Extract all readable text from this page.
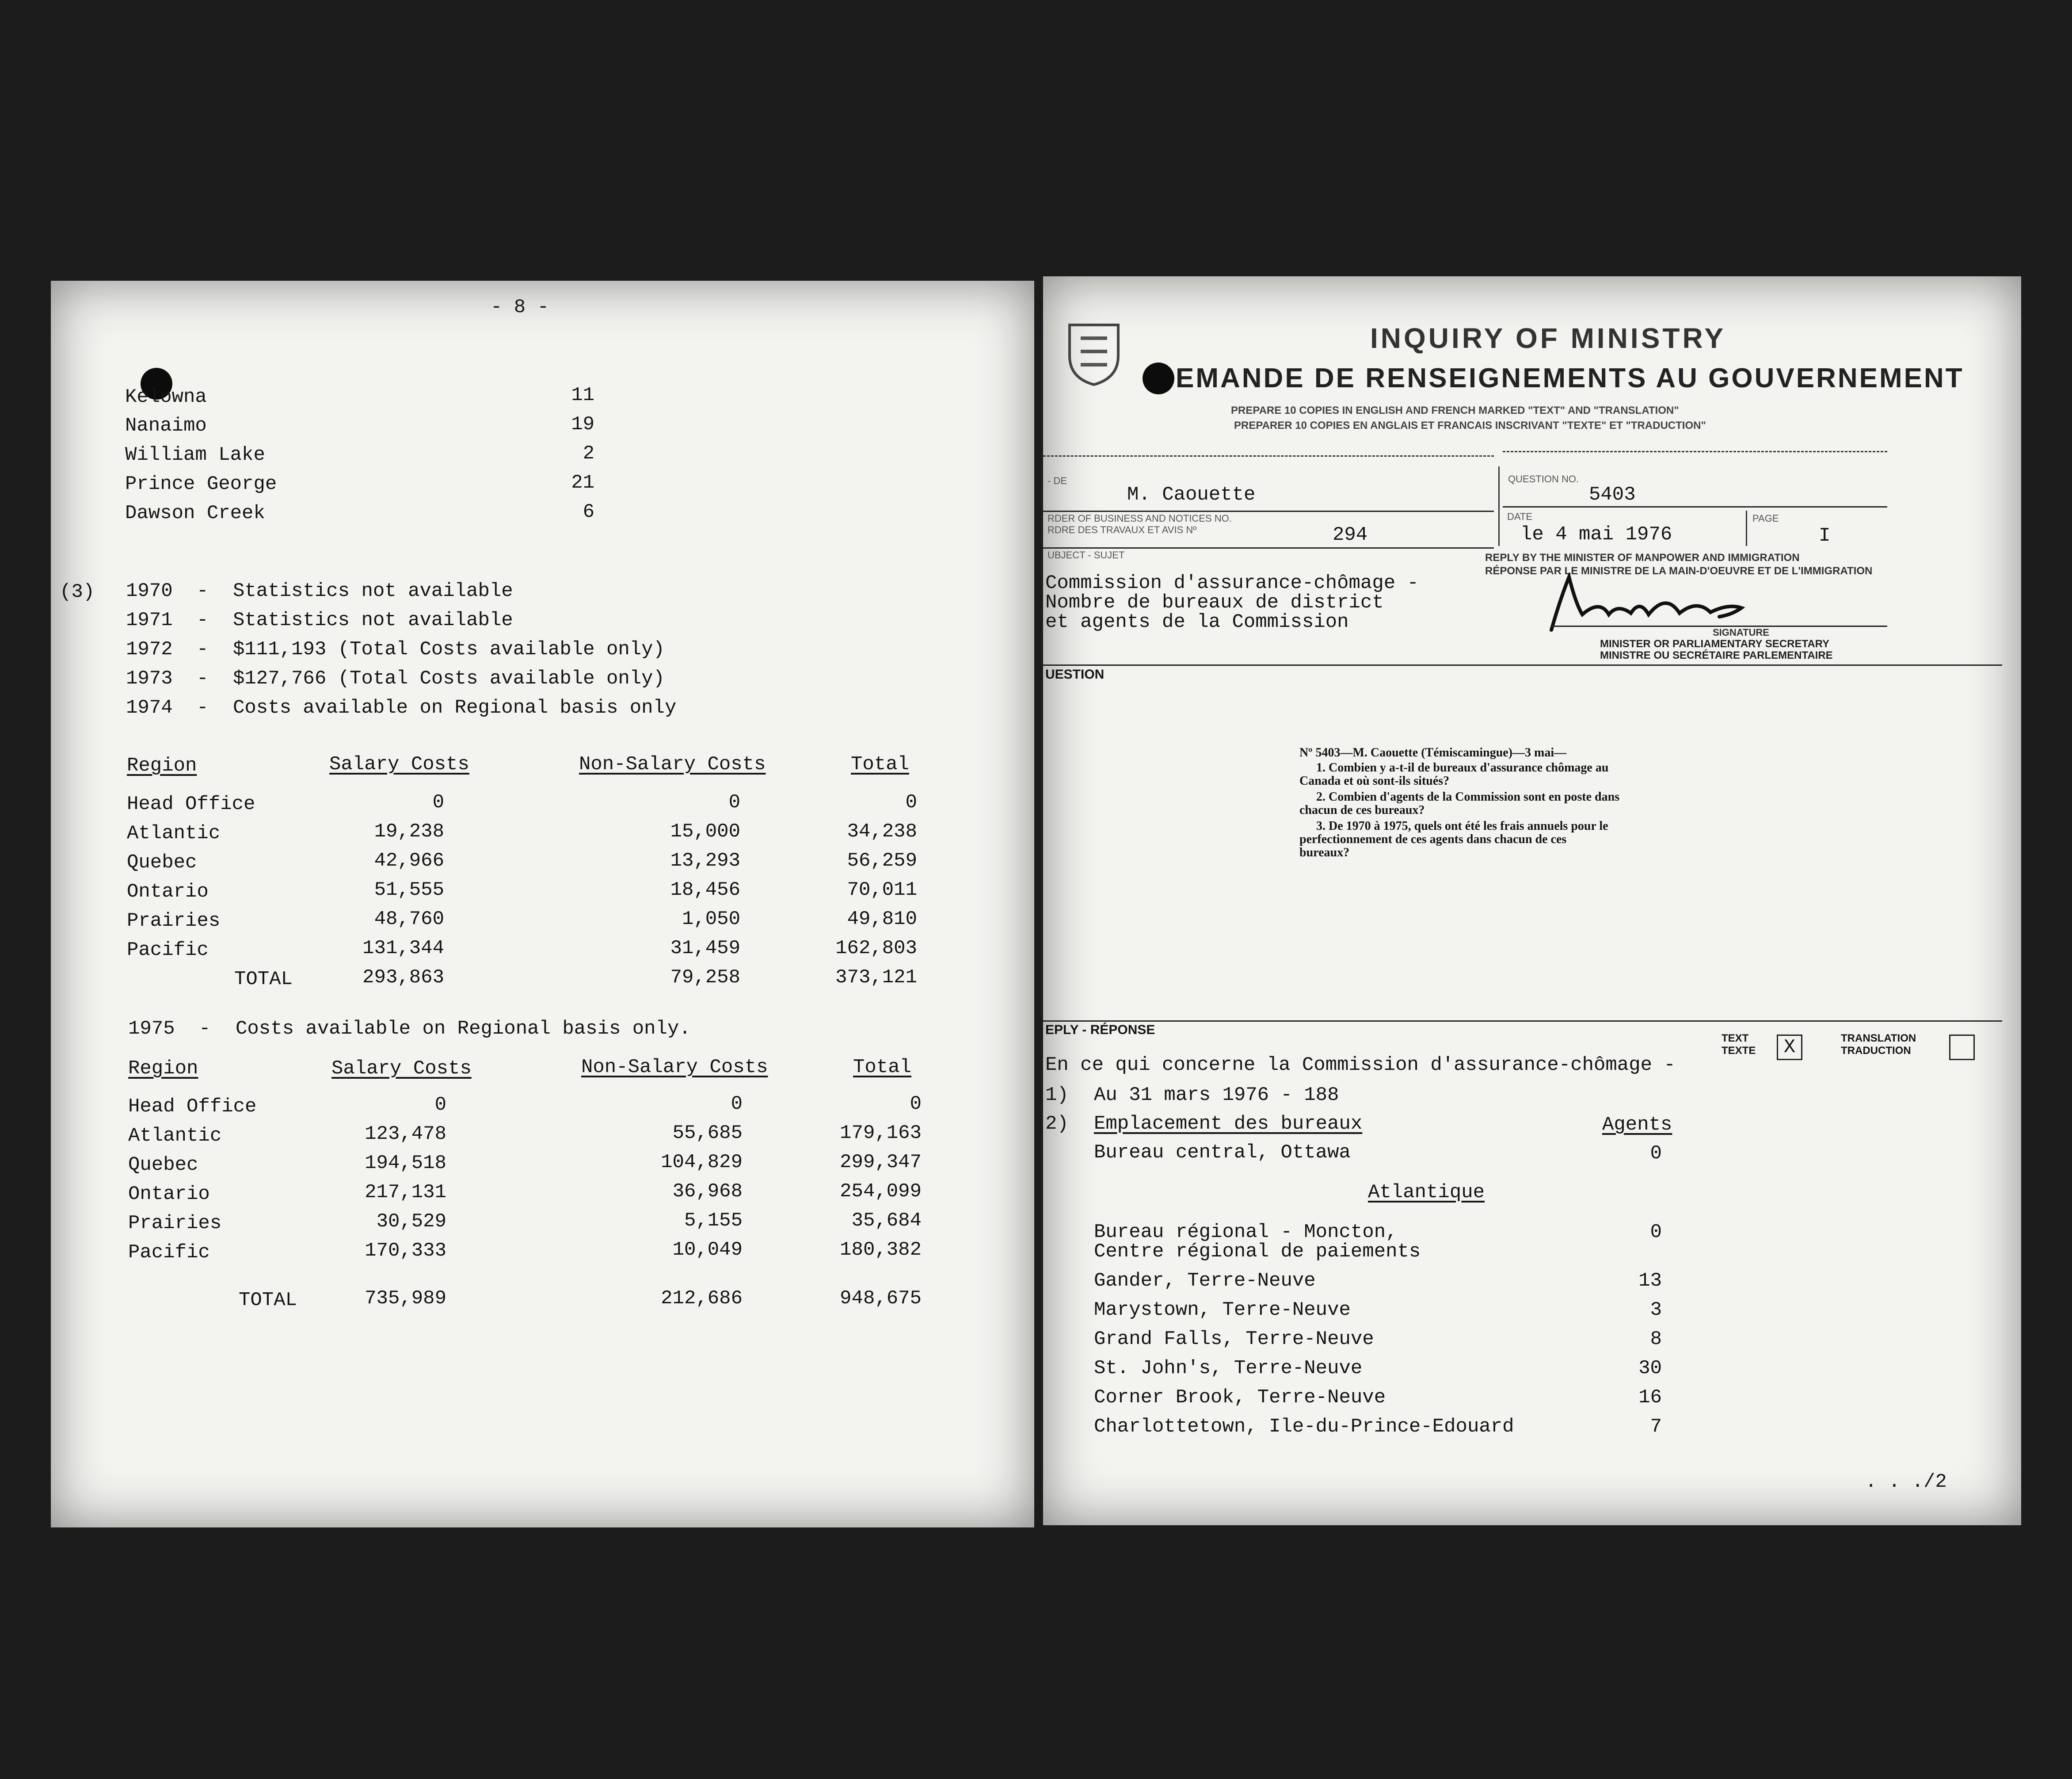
- 8 -
Kelowna	11
Nanaimo	19
William Lake	2
Prince George	21
Dawson Creek	6
(3) 1970 - Statistics not available
1971 - Statistics not available
1972 - $111,193 (Total Costs available only)
1973 - $127,766 (Total Costs available only)
1974 - Costs available on Regional basis only
Region	Salary Costs	Non-Salary Costs	Total
Head Office	0	0	0
Atlantic	19,238	15,000	34,238
Quebec	42,966	13,293	56,259
Ontario	51,555	18,456	70,011
Prairies	48,760	1,050	49,810
Pacific	131,344	31,459	162,803
TOTAL	293,863	79,258	373,121
1975 - Costs available on Regional basis only.
Region	Salary Costs	Non-Salary Costs	Total
Head Office	0	0	0
Atlantic	123,478	55,685	179,163
Quebec	194,518	104,829	299,347
Ontario	217,131	36,968	254,099
Prairies	30,529	5,155	35,684
Pacific	170,333	10,049	180,382
TOTAL	735,989	212,686	948,675
INQUIRY OF MINISTRY
EMANDE DE RENSEIGNEMENTS AU GOUVERNEMENT
PREPARE 10 COPIES IN ENGLISH AND FRENCH MARKED "TEXT" AND "TRANSLATION"
PREPARER 10 COPIES EN ANGLAIS ET FRANCAIS INSCRIVANT "TEXTE" ET "TRADUCTION"
- DE
M. Caouette
QUESTION NO.
5403
RDER OF BUSINESS AND NOTICES NO.
RDRE DES TRAVAUX ET AVIS Nº	294
DATE
le 4 mai 1976
PAGE
I
UBJECT - SUJET
Commission d'assurance-chômage -
Nombre de bureaux de district
et agents de la Commission
REPLY BY THE MINISTER OF MANPOWER AND IMMIGRATION
RÉPONSE PAR LE MINISTRE DE LA MAIN-D'OEUVRE ET DE L'IMMIGRATION
SIGNATURE
MINISTER OR PARLIAMENTARY SECRETARY
MINISTRE OU SECRÉTAIRE PARLEMENTAIRE
UESTION
Nº 5403—M. Caouette (Témiscamingue)—3 mai—
1. Combien y a-t-il de bureaux d'assurance chômage au
Canada et où sont-ils situés?
2. Combien d'agents de la Commission sont en poste dans
chacun de ces bureaux?
3. De 1970 à 1975, quels ont été les frais annuels pour le
perfectionnement de ces agents dans chacun de ces
bureaux?
EPLY - RÉPONSE
TEXT
TEXTE X	TRANSLATION
TRADUCTION
En ce qui concerne la Commission d'assurance-chômage -
1) Au 31 mars 1976 - 188
2) Emplacement des bureaux	Agents
Bureau central, Ottawa	0
Atlantique
Bureau régional - Moncton,
Centre régional de paiements
0
Gander, Terre-Neuve	13
Marystown, Terre-Neuve	3
Grand Falls, Terre-Neuve	8
St. John's, Terre-Neuve	30
Corner Brook, Terre-Neuve	16
Charlottetown, Ile-du-Prince-Edouard	7
. . ./2
